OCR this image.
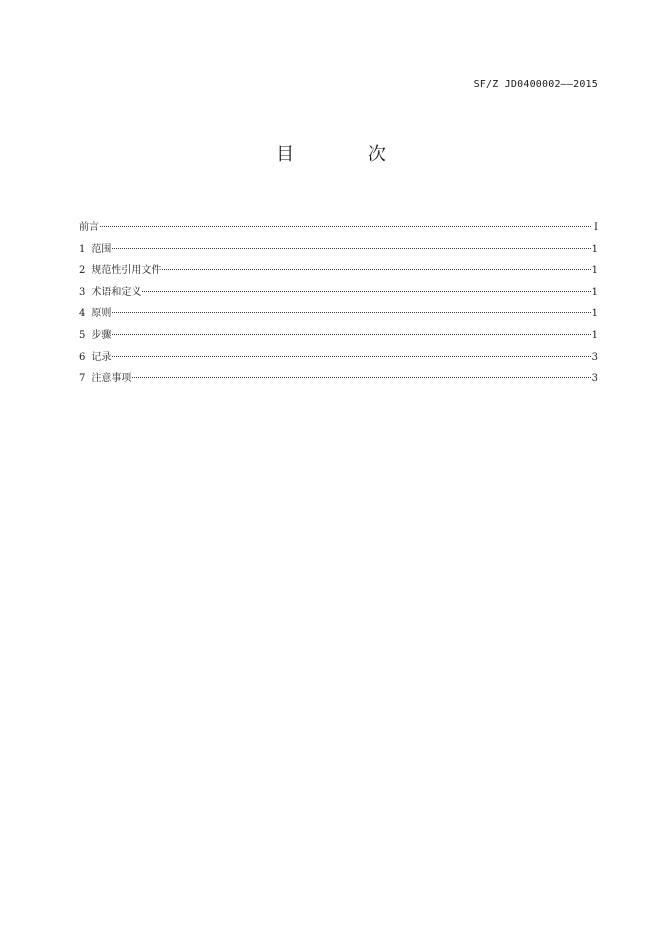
SF/Z JD0400002——2015
目 次
前言	I
1 范围	1
2 规范性引用文件	1
3 术语和定义	1
4 原则	1
5 步骤	1
6 记录	3
7 注意事项	3
